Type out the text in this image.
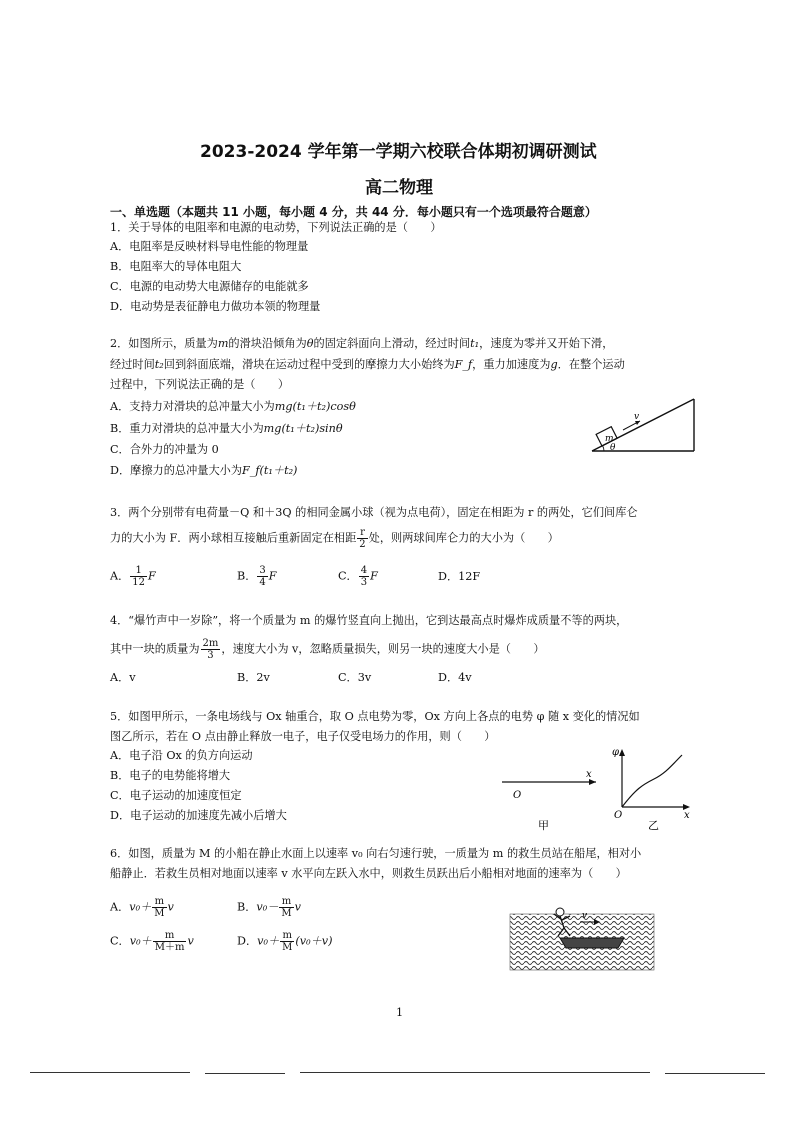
2023-2024 学年第一学期六校联合体期初调研测试
高二物理
一、单选题（本题共 11 小题，每小题 4 分，共 44 分．每小题只有一个选项最符合题意）
1．关于导体的电阻率和电源的电动势，下列说法正确的是（　　）
A．电阻率是反映材料导电性能的物理量
B．电阻率大的导体电阻大
C．电源的电动势大电源储存的电能就多
D．电动势是表征静电力做功本领的物理量
2．如图所示，质量为m的滑块沿倾角为θ的固定斜面向上滑动，经过时间t₁，速度为零并又开始下滑，
经过时间t₂回到斜面底端，滑块在运动过程中受到的摩擦力大小始终为F_f，重力加速度为g．在整个运动
过程中，下列说法正确的是（　　）
A．支持力对滑块的总冲量大小为mg(t₁＋t₂)cosθ
B．重力对滑块的总冲量大小为mg(t₁＋t₂)sinθ
C．合外力的冲量为 0
D．摩擦力的总冲量大小为F_f(t₁＋t₂)
m
v
θ
3．两个分别带有电荷量－Q 和＋3Q 的相同金属小球（视为点电荷），固定在相距为 r 的两处，它们间库仑
力的大小为 F．两小球相互接触后重新固定在相距 $\frac{r}{2}$ 处，则两球间库仑力的大小为（　　）
A． $\frac{1}{12}$ F	B． $\frac{3}{4}$ F	C． $\frac{4}{3}$ F	D．12F
4．“爆竹声中一岁除”，将一个质量为 m 的爆竹竖直向上抛出，它到达最高点时爆炸成质量不等的两块，
其中一块的质量为 $\frac{2m}{3}$ ，速度大小为 v，忽略质量损失，则另一块的速度大小是（　　）
A．v	B．2v	C．3v	D．4v
5．如图甲所示，一条电场线与 Ox 轴重合，取 O 点电势为零，Ox 方向上各点的电势 φ 随 x 变化的情况如
图乙所示，若在 O 点由静止释放一电子，电子仅受电场力的作用，则（　　）
A．电子沿 Ox 的负方向运动
B．电子的电势能将增大
C．电子运动的加速度恒定
D．电子运动的加速度先减小后增大
O
x
甲
φ
O	x
乙
6．如图，质量为 M 的小船在静止水面上以速率 v₀ 向右匀速行驶，一质量为 m 的救生员站在船尾，相对小
船静止．若救生员相对地面以速率 v 水平向左跃入水中，则救生员跃出后小船相对地面的速率为（　　）
A．$v_0+ \frac{m}{M}$ v	B．$v_0- \frac{m}{M}$ v
C．$v_0+ \frac{m}{M+m}$ v	D．$v_0+ \frac{m}{M} (v_0+v)$
v
1
